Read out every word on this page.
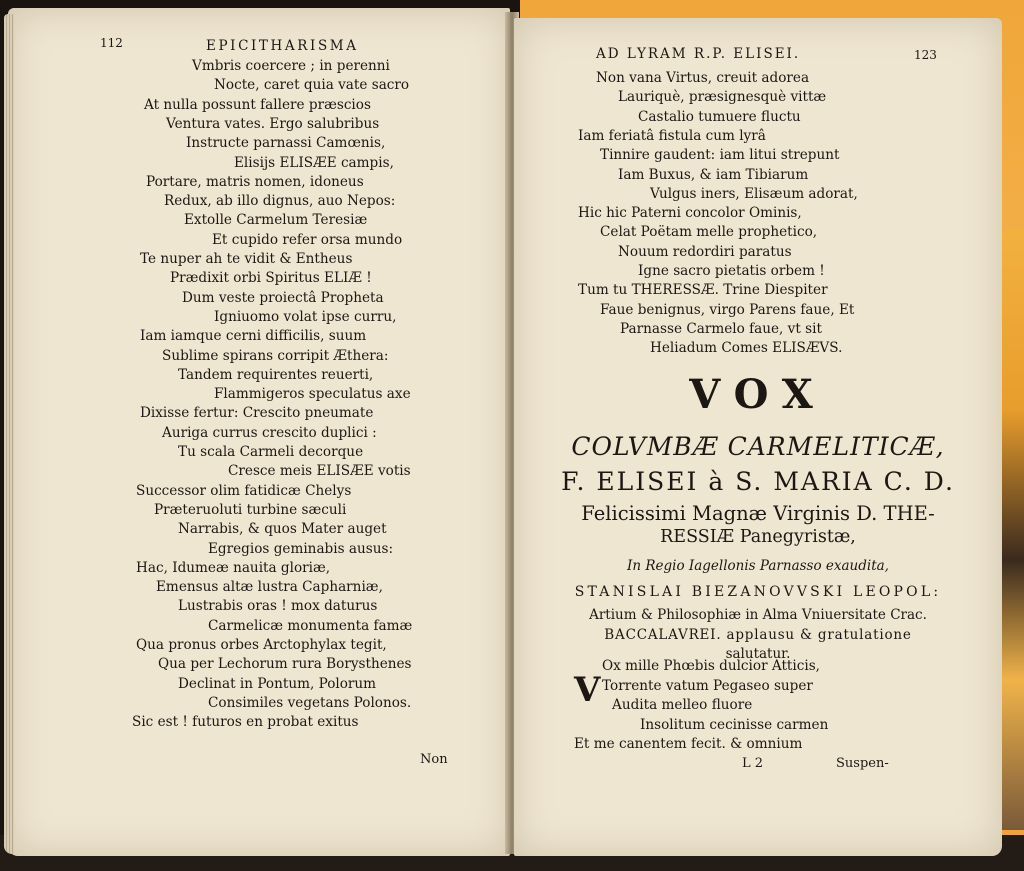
112	EPICITHARISMA
Vmbris coercere ; in perenni
Nocte, caret quia vate sacro
At nulla possunt fallere præscios
Ventura vates. Ergo salubribus
Instructe parnassi Camœnis,
Elisijs ELISÆE campis,
Portare, matris nomen, idoneus
Redux, ab illo dignus, auo Nepos:
Extolle Carmelum Teresiæ
Et cupido refer orsa mundo
Te nuper ah te vidit & Entheus
Prædixit orbi Spiritus ELIÆ !
Dum veste proiectâ Propheta
Igniuomo volat ipse curru,
Iam iamque cerni difficilis, suum
Sublime spirans corripit Æthera:
Tandem requirentes reuerti,
Flammigeros speculatus axe
Dixisse fertur: Crescito pneumate
Auriga currus crescito duplici :
Tu scala Carmeli decorque
Cresce meis ELISÆE votis
Successor olim fatidicæ Chelys
Præteruoluti turbine sæculi
Narrabis, & quos Mater auget
Egregios geminabis ausus:
Hac, Idumeæ nauita gloriæ,
Emensus altæ lustra Capharniæ,
Lustrabis oras ! mox daturus
Carmelicæ monumenta famæ
Qua pronus orbes Arctophylax tegit,
Qua per Lechorum rura Borysthenes
Declinat in Pontum, Polorum
Consimiles vegetans Polonos.
Sic est ! futuros en probat exitus
Non
AD LYRAM R.P. ELISEI.	123
Non vana Virtus, creuit adorea
Lauriquè, præsignesquè vittæ
Castalio tumuere fluctu
Iam feriatâ fistula cum lyrâ
Tinnire gaudent: iam litui strepunt
Iam Buxus, & iam Tibiarum
Vulgus iners, Elisæum adorat,
Hic hic Paterni concolor Ominis,
Celat Poëtam melle prophetico,
Nouum redordiri paratus
Igne sacro pietatis orbem !
Tum tu THERESSÆ. Trine Diespiter
Faue benignus, virgo Parens faue, Et
Parnasse Carmelo faue, vt sit
Heliadum Comes ELISÆVS.
VOX
COLVMBÆ CARMELITICÆ,
F. ELISEI à S. MARIA C. D.
Felicissimi Magnæ Virginis D. THE-
RESSIÆ Panegyristæ,
In Regio Iagellonis Parnasso exaudita,
STANISLAI BIEZANOVVSKI LEOPOL:
Artium & Philosophiæ in Alma Vniuersitate Crac.
BACCALAVREI. applausu & gratulatione
salutatur.
V
Ox mille Phœbis dulcior Atticis,
Torrente vatum Pegaseo super
Audita melleo fluore
Insolitum cecinisse carmen
Et me canentem fecit. & omnium
L 2	Suspen-
